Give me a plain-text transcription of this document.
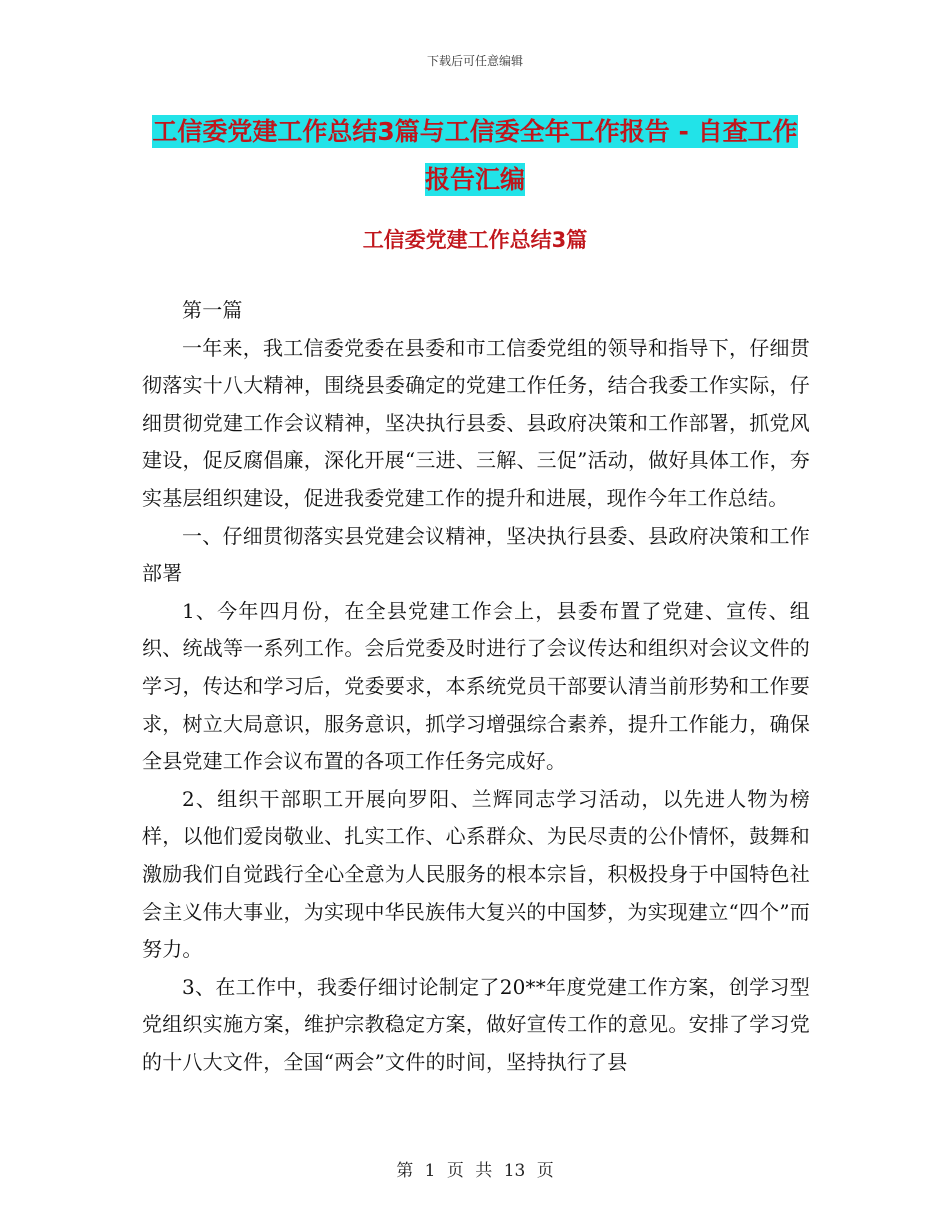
下载后可任意编辑
工信委党建工作总结3篇与工信委全年工作报告 - 自查工作报告汇编
工信委党建工作总结3篇

第一篇

一年来，我工信委党委在县委和市工信委党组的领导和指导下，仔细贯彻落实十八大精神，围绕县委确定的党建工作任务，结合我委工作实际，仔细贯彻党建工作会议精神，坚决执行县委、县政府决策和工作部署，抓党风建设，促反腐倡廉，深化开展“三进、三解、三促”活动，做好具体工作，夯实基层组织建设，促进我委党建工作的提升和进展，现作今年工作总结。

一、仔细贯彻落实县党建会议精神，坚决执行县委、县政府决策和工作部署

1、今年四月份，在全县党建工作会上，县委布置了党建、宣传、组织、统战等一系列工作。会后党委及时进行了会议传达和组织对会议文件的学习，传达和学习后，党委要求，本系统党员干部要认清当前形势和工作要求，树立大局意识，服务意识，抓学习增强综合素养，提升工作能力，确保全县党建工作会议布置的各项工作任务完成好。

2、组织干部职工开展向罗阳、兰辉同志学习活动，以先进人物为榜样，以他们爱岗敬业、扎实工作、心系群众、为民尽责的公仆情怀，鼓舞和激励我们自觉践行全心全意为人民服务的根本宗旨，积极投身于中国特色社会主义伟大事业，为实现中华民族伟大复兴的中国梦，为实现建立“四个”而努力。

3、在工作中，我委仔细讨论制定了20**年度党建工作方案，创学习型党组织实施方案，维护宗教稳定方案，做好宣传工作的意见。安排了学习党的十八大文件，全国“两会”文件的时间，坚持执行了县

第 1 页 共 13 页
